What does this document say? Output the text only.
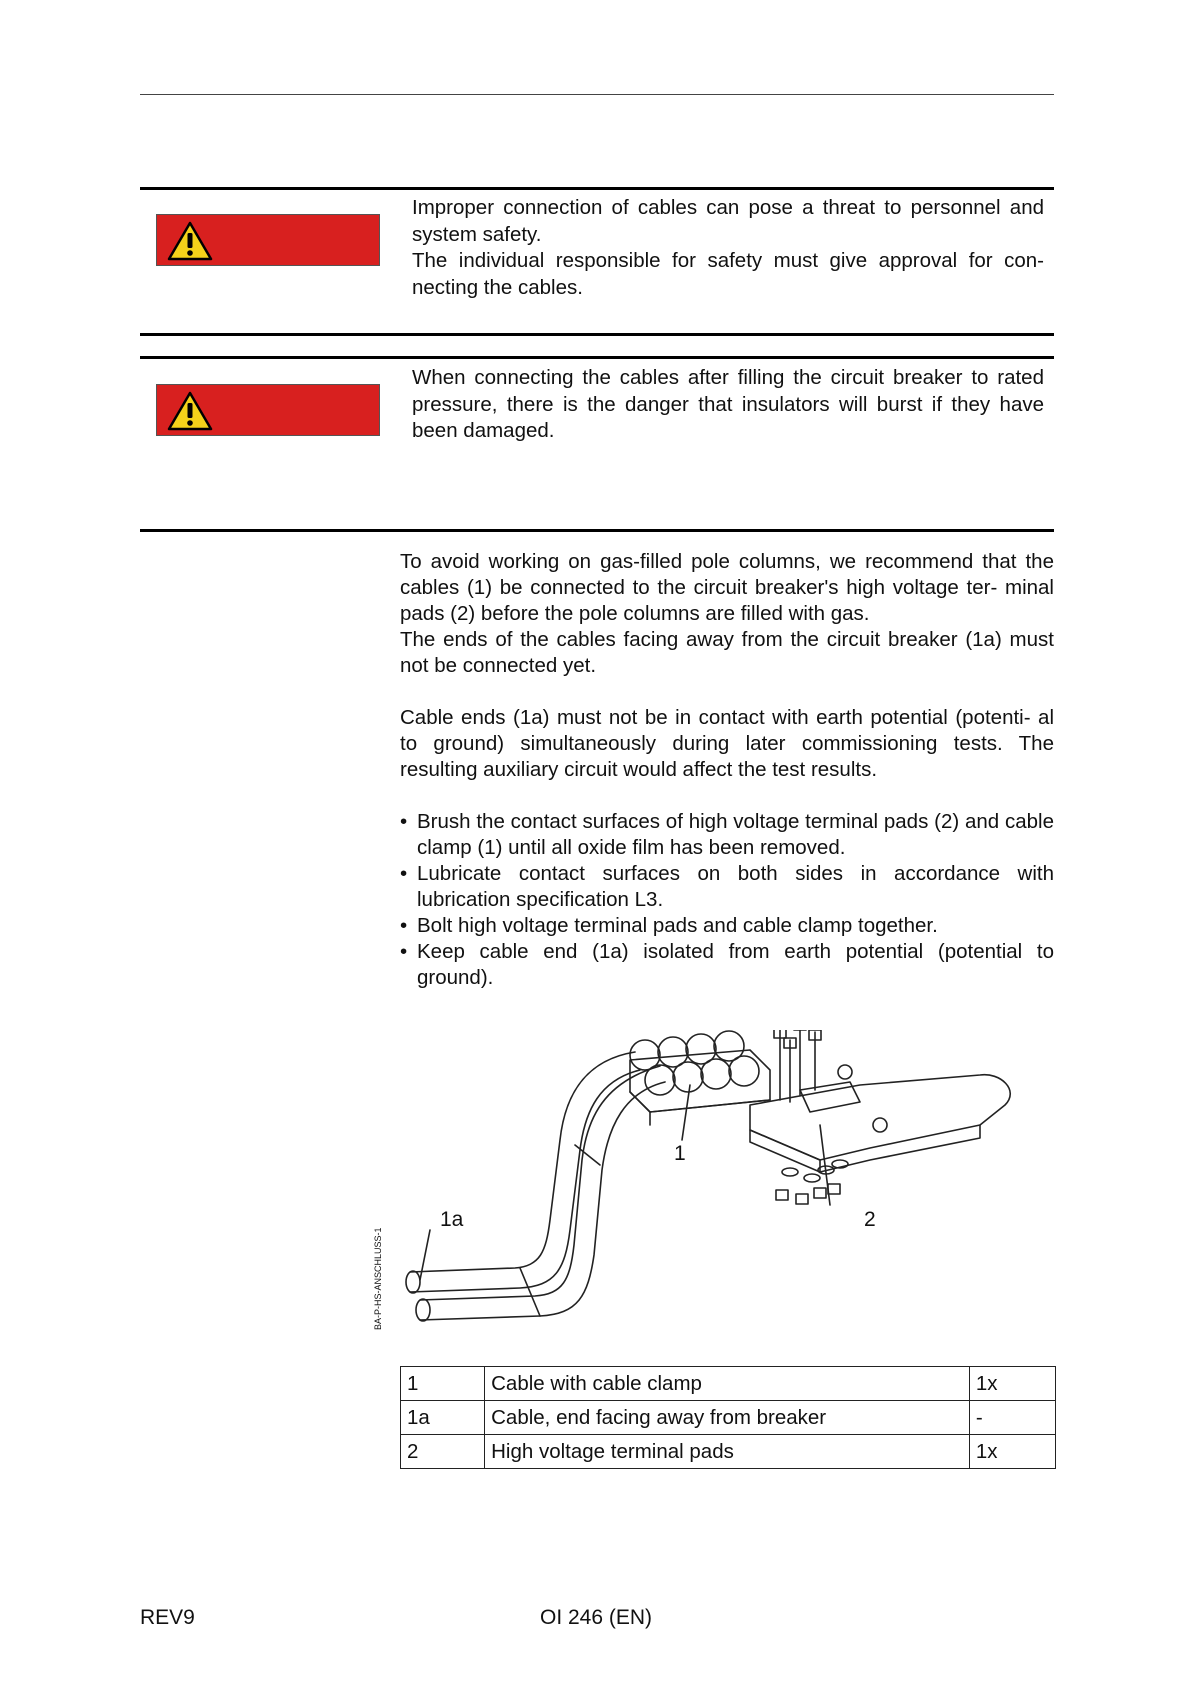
Improper connection of cables can pose a threat to personnel and system safety.
The individual responsible for safety must give approval for con- necting the cables.
When connecting the cables after filling the circuit breaker to rated pressure, there is the danger that insulators will burst if they have been damaged.

To avoid working on gas-filled pole columns, we recommend that the cables (1) be connected to the circuit breaker's high voltage ter- minal pads (2) before the pole columns are filled with gas.

The ends of the cables facing away from the circuit breaker (1a) must not be connected yet.

Cable ends (1a) must not be in contact with earth potential (potenti- al to ground) simultaneously during later commissioning tests. The resulting auxiliary circuit would affect the test results.

• Brush the contact surfaces of high voltage terminal pads (2) and cable clamp (1) until all oxide film has been removed.
• Lubricate contact surfaces on both sides in accordance with lubrication specification L3.
• Bolt high voltage terminal pads and cable clamp together.
• Keep cable end (1a) isolated from earth potential (potential to ground).
1
1a	2
BA-P-HS-ANSCHLUSS-1
1	Cable with cable clamp	1x
1a	Cable, end facing away from breaker	-
2	High voltage terminal pads	1x
REV9	OI 246 (EN)
